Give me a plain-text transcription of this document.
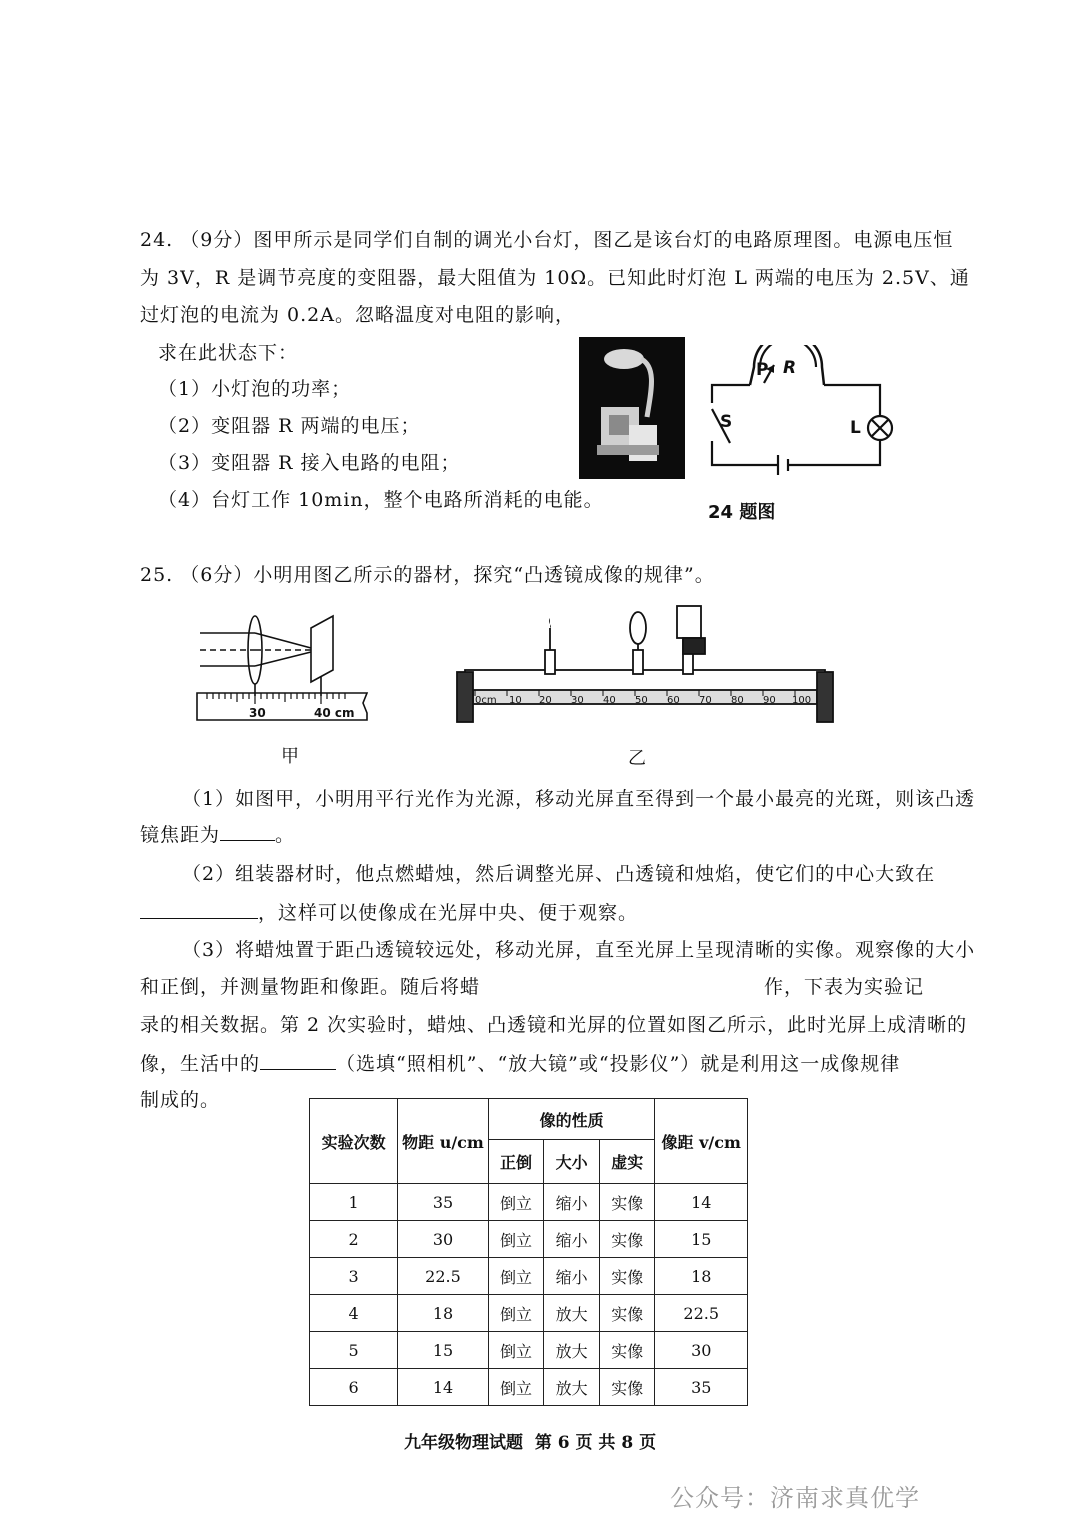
24. （9分）图甲所示是同学们自制的调光小台灯，图乙是该台灯的电路原理图。电源电压恒
为 3V，R 是调节亮度的变阻器，最大阻值为 10Ω。已知此时灯泡 L 两端的电压为 2.5V、通
过灯泡的电流为 0.2A。忽略温度对电阻的影响，
求在此状态下：
（1）小灯泡的功率；
（2）变阻器 R 两端的电压；
（3）变阻器 R 接入电路的电阻；
（4）台灯工作 10min，整个电路所消耗的电能。
P R
S	L
24 题图
25. （6分）小明用图乙所示的器材，探究“凸透镜成像的规律”。
30	40 cm
甲
0cm 10 20 30 40 50 60 70 80 90 100
乙
（1）如图甲，小明用平行光作为光源，移动光屏直至得到一个最小最亮的光斑，则该凸透
镜焦距为	。
（2）组装器材时，他点燃蜡烛，然后调整光屏、凸透镜和烛焰，使它们的中心大致在
，这样可以使像成在光屏中央、便于观察。
（3）将蜡烛置于距凸透镜较远处，移动光屏，直至光屏上呈现清晰的实像。观察像的大小
和正倒，并测量物距和像距。随后将蜡	作，下表为实验记
录的相关数据。第 2 次实验时，蜡烛、凸透镜和光屏的位置如图乙所示，此时光屏上成清晰的
像，生活中的	（选填“照相机”、“放大镜”或“投影仪”）就是利用这一成像规律
制成的。
实验次数	物距 u/cm	像的性质			像距 v/cm
		正倒	大小	虚实	
1	35	倒立	缩小	实像	14
2	30	倒立	缩小	实像	15
3	22.5	倒立	缩小	实像	18
4	18	倒立	放大	实像	22.5
5	15	倒立	放大	实像	30
6	14	倒立	放大	实像	35
九年级物理试题  第 6 页 共 8 页
公众号：济南求真优学
